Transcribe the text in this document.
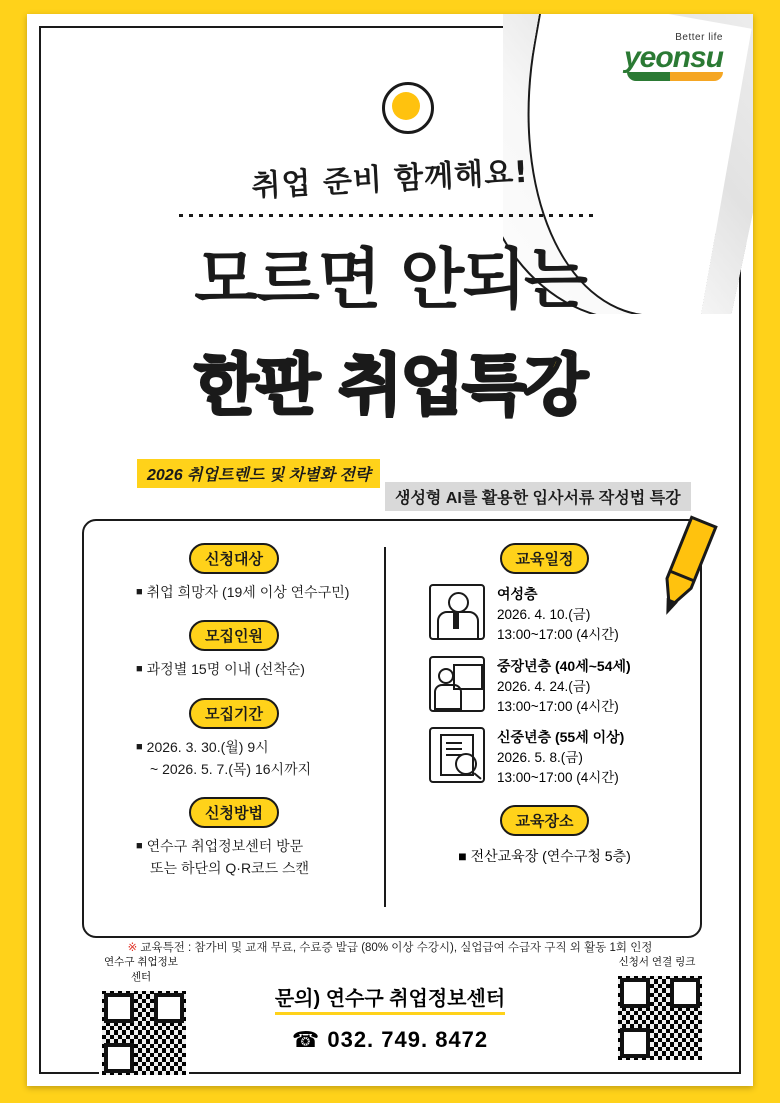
Better life
yeonsu
취업 준비 함께해요!
모르면 안되는
한판 취업특강
2026 취업트렌드 및 차별화 전략
생성형 AI를 활용한 입사서류 작성법 특강
신청대상
■ 취업 희망자 (19세 이상 연수구민)
모집인원
■ 과정별 15명 이내 (선착순)
모집기간
■ 2026. 3. 30.(월) 9시
~ 2026. 5. 7.(목) 16시까지
신청방법
■ 연수구 취업정보센터 방문
또는 하단의 Q·R코드 스캔
교육일정
여성층
2026. 4. 10.(금)
13:00~17:00 (4시간)
중장년층 (40세~54세)
2026. 4. 24.(금)
13:00~17:00 (4시간)
신중년층 (55세 이상)
2026. 5. 8.(금)
13:00~17:00 (4시간)
교육장소
■ 전산교육장 (연수구청 5층)
※ 교육특전 : 참가비 및 교재 무료, 수료증 발급 (80% 이상 수강시), 실업급여 수급자 구직 외 활동 1회 인정
연수구 취업정보센터
신청서 연결 링크
문의) 연수구 취업정보센터
☎ 032. 749. 8472
